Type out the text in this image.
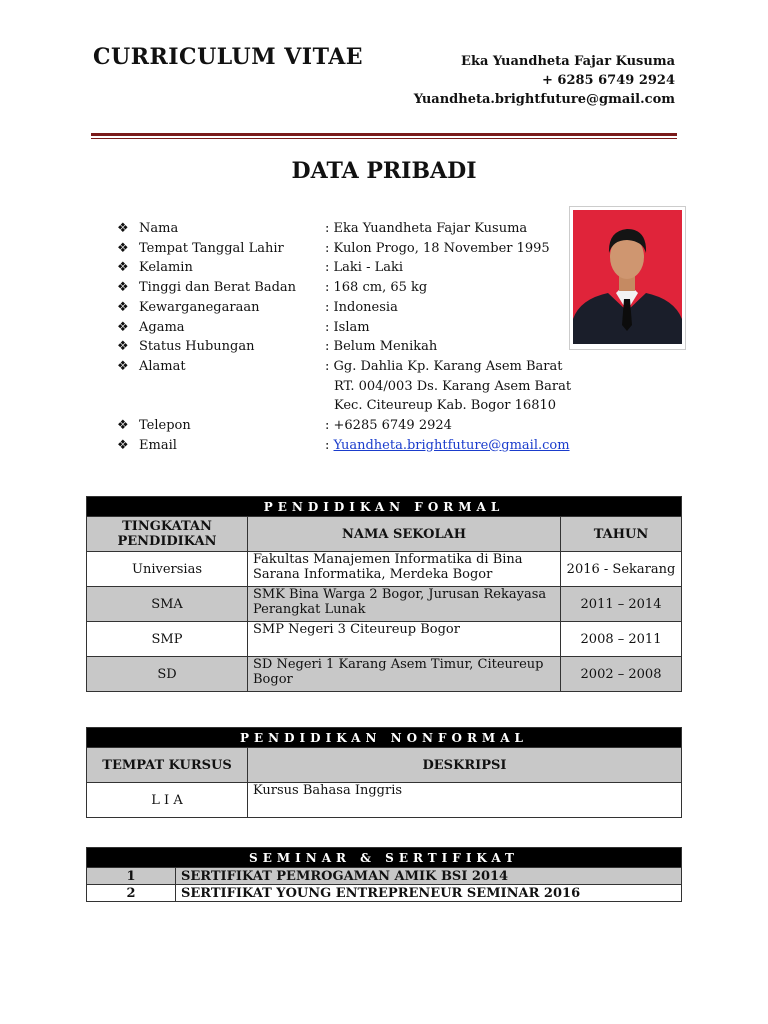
CURRICULUM VITAE	Eka Yuandheta Fajar Kusuma
+ 6285 6749 2924
Yuandheta.brightfuture@gmail.com
DATA PRIBADI
❖ Nama	: Eka Yuandheta Fajar Kusuma
❖ Tempat Tanggal Lahir	: Kulon Progo, 18 November 1995
❖ Kelamin	: Laki - Laki
❖ Tinggi dan Berat Badan	: 168 cm, 65 kg
❖ Kewarganegaraan	: Indonesia
❖ Agama	: Islam
❖ Status Hubungan	: Belum Menikah
❖ Alamat	: Gg. Dahlia Kp. Karang Asem Barat
RT. 004/003 Ds. Karang Asem Barat
Kec. Citeureup Kab. Bogor 16810
❖ Telepon	: +6285 6749 2924
❖ Email	: Yuandheta.brightfuture@gmail.com
PENDIDIKAN FORMAL		
TINGKATAN PENDIDIKAN	NAMA SEKOLAH	TAHUN
Universias	Fakultas Manajemen Informatika di Bina Sarana Informatika, Merdeka Bogor	2016 - Sekarang
SMA	SMK Bina Warga 2 Bogor, Jurusan Rekayasa Perangkat Lunak	2011 – 2014
SMP	SMP Negeri 3 Citeureup Bogor	2008 – 2011
SD	SD Negeri 1 Karang Asem Timur, Citeureup Bogor	2002 – 2008
PENDIDIKAN NONFORMAL	
TEMPAT KURSUS	DESKRIPSI
L I A	Kursus Bahasa Inggris
SEMINAR & SERTIFIKAT	
1	SERTIFIKAT PEMROGAMAN AMIK BSI 2014
2	SERTIFIKAT YOUNG ENTREPRENEUR SEMINAR 2016
